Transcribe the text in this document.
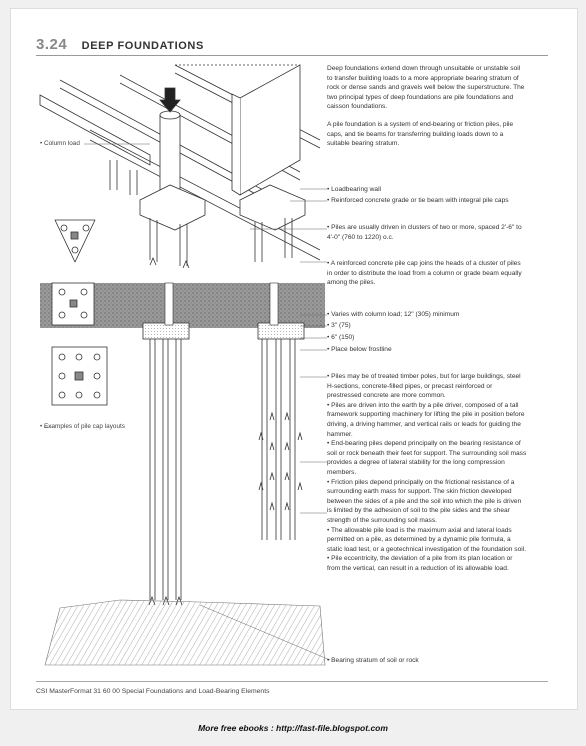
3.24 DEEP FOUNDATIONS
• Column load
• Examples of pile cap layouts

Deep foundations extend down through unsuitable or unstable soil to transfer building loads to a more appropriate bearing stratum of rock or dense sands and gravels well below the superstructure. The two principal types of deep foundations are pile foundations and caisson foundations.

A pile foundation is a system of end-bearing or friction piles, pile caps, and tie beams for transferring building loads down to a suitable bearing stratum.

• Loadbearing wall
• Reinforced concrete grade or tie beam with integral pile caps
• Piles are usually driven in clusters of two or more, spaced 2'-6" to 4'-0" (760 to 1220) o.c.
• A reinforced concrete pile cap joins the heads of a cluster of piles in order to distribute the load from a column or grade beam equally among the piles.
• Varies with column load; 12" (305) minimum
• 3" (75)
• 6" (150)
• Place below frostline

• Piles may be of treated timber poles, but for large buildings, steel H-sections, concrete-filled pipes, or precast reinforced or prestressed concrete are more common.

• Piles are driven into the earth by a pile driver, composed of a tall framework supporting machinery for lifting the pile in position before driving, a driving hammer, and vertical rails or leads for guiding the hammer.

• End-bearing piles depend principally on the bearing resistance of soil or rock beneath their feet for support. The surrounding soil mass provides a degree of lateral stability for the long compression members.

• Friction piles depend principally on the frictional resistance of a surrounding earth mass for support. The skin friction developed between the sides of a pile and the soil into which the pile is driven is limited by the adhesion of soil to the pile sides and the shear strength of the surrounding soil mass.

• The allowable pile load is the maximum axial and lateral loads permitted on a pile, as determined by a dynamic pile formula, a static load test, or a geotechnical investigation of the foundation soil.

• Pile eccentricity, the deviation of a pile from its plan location or from the vertical, can result in a reduction of its allowable load.

• Bearing stratum of soil or rock
CSI MasterFormat 31 60 00 Special Foundations and Load-Bearing Elements
More free ebooks : http://fast-file.blogspot.com
